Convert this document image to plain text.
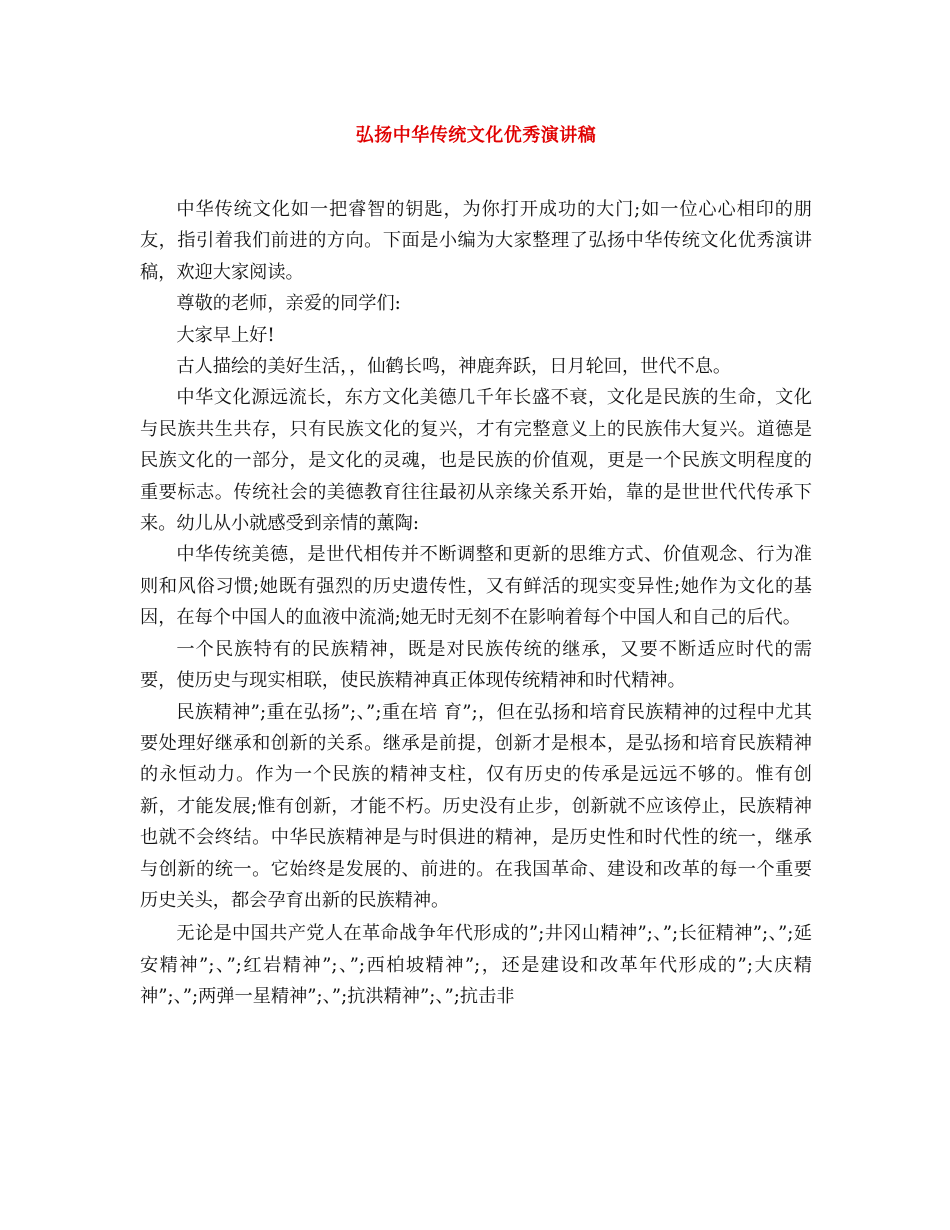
弘扬中华传统文化优秀演讲稿

中华传统文化如一把睿智的钥匙，为你打开成功的大门;如一位心心相印的朋友，指引着我们前进的方向。下面是小编为大家整理了弘扬中华传统文化优秀演讲稿，欢迎大家阅读。

尊敬的老师，亲爱的同学们:

大家早上好!

古人描绘的美好生活，，仙鹤长鸣，神鹿奔跃，日月轮回，世代不息。

中华文化源远流长，东方文化美德几千年长盛不衰，文化是民族的生命，文化与民族共生共存，只有民族文化的复兴，才有完整意义上的民族伟大复兴。道德是民族文化的一部分，是文化的灵魂，也是民族的价值观，更是一个民族文明程度的重要标志。传统社会的美德教育往往最初从亲缘关系开始，靠的是世世代代传承下来。幼儿从小就感受到亲情的薰陶:

中华传统美德，是世代相传并不断调整和更新的思维方式、价值观念、行为准则和风俗习惯;她既有强烈的历史遗传性，又有鲜活的现实变异性;她作为文化的基因，在每个中国人的血液中流淌;她无时无刻不在影响着每个中国人和自己的后代。

一个民族特有的民族精神，既是对民族传统的继承，又要不断适应时代的需要，使历史与现实相联，使民族精神真正体现传统精神和时代精神。

民族精神”;重在弘扬”;、”;重在培 育”;，但在弘扬和培育民族精神的过程中尤其要处理好继承和创新的关系。继承是前提，创新才是根本，是弘扬和培育民族精神的永恒动力。作为一个民族的精神支柱，仅有历史的传承是远远不够的。惟有创新，才能发展;惟有创新，才能不朽。历史没有止步，创新就不应该停止，民族精神也就不会终结。中华民族精神是与时俱进的精神，是历史性和时代性的统一，继承与创新的统一。它始终是发展的、前进的。在我国革命、建设和改革的每一个重要历史关头，都会孕育出新的民族精神。

无论是中国共产党人在革命战争年代形成的”;井冈山精神”;、”;长征精神”;、”;延安精神”;、”;红岩精神”;、”;西柏坡精神”;，还是建设和改革年代形成的”;大庆精神”;、”;两弹一星精神”;、”;抗洪精神”;、”;抗击非
